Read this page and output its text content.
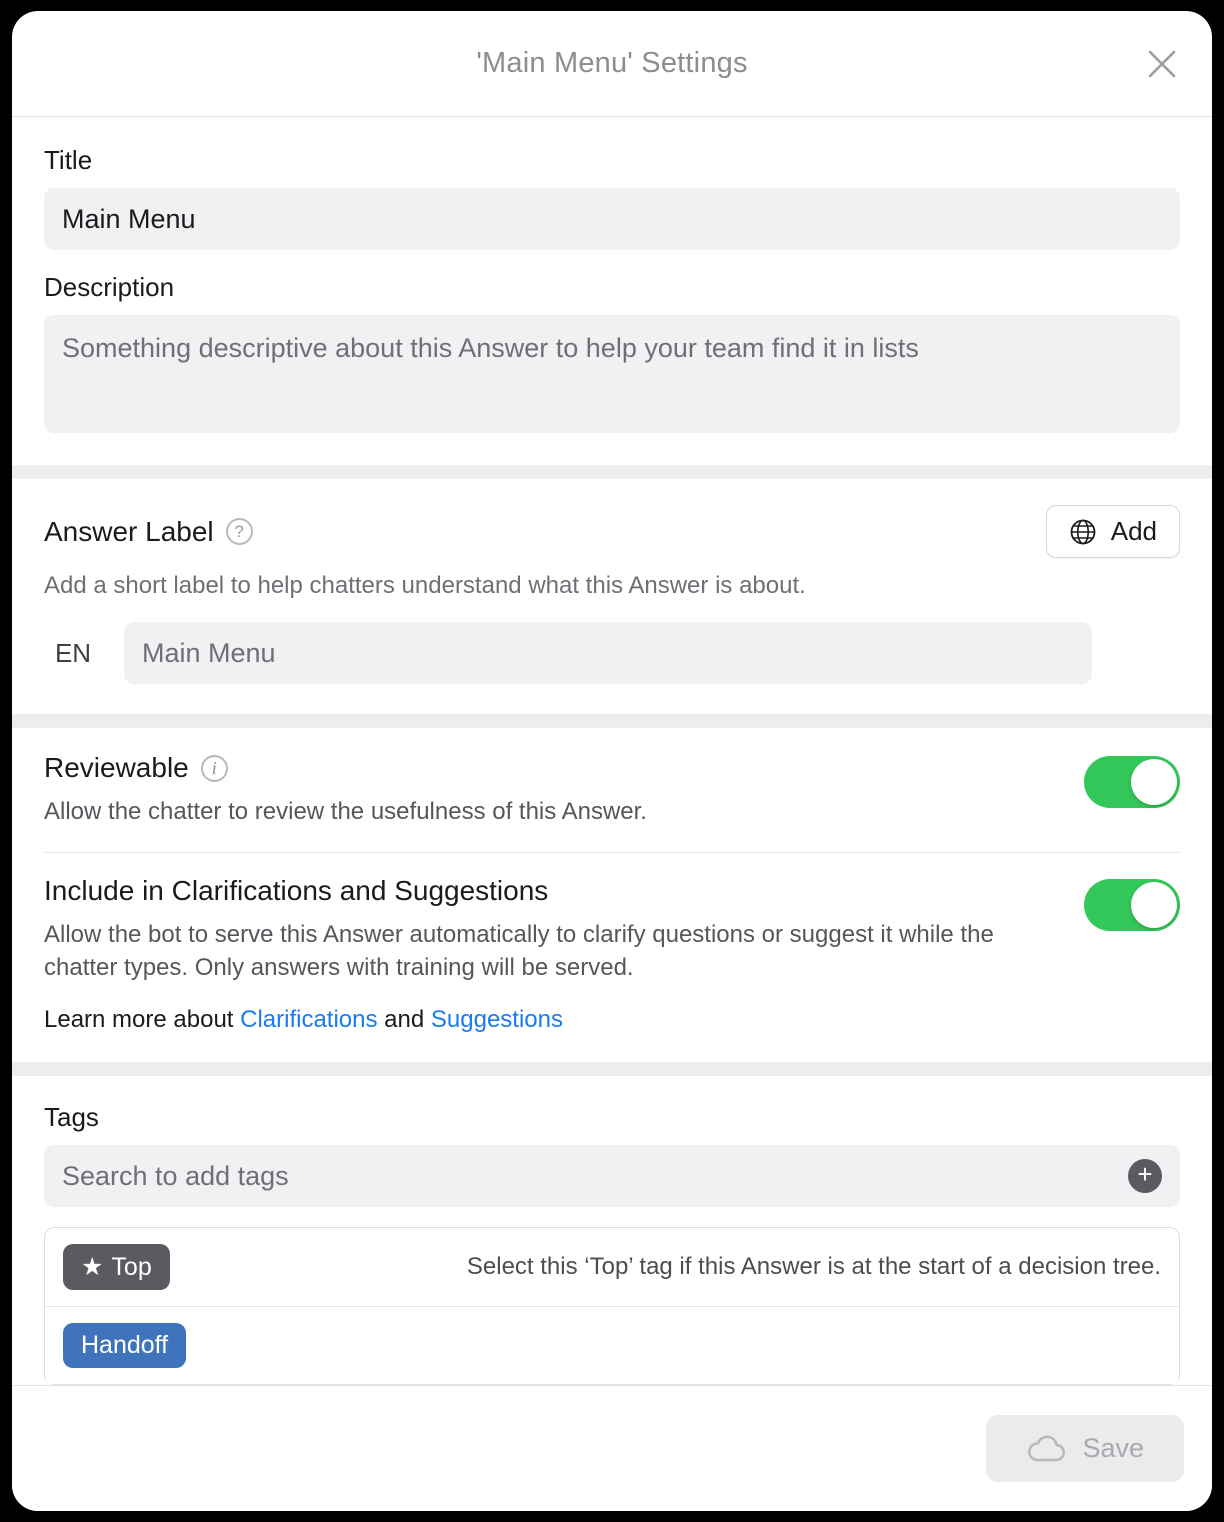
'Main Menu' Settings
Title
Main Menu
Description
Something descriptive about this Answer to help your team find it in lists
Answer Label	?	Add
Add a short label to help chatters understand what this Answer is about.
EN	Main Menu
Reviewable	i
Allow the chatter to review the usefulness of this Answer.
Include in Clarifications and Suggestions
Allow the bot to serve this Answer automatically to clarify questions or suggest it while the chatter types. Only answers with training will be served.
Learn more about Clarifications and Suggestions
Tags
Search to add tags	+
★ Top	Select this ‘Top’ tag if this Answer is at the start of a decision tree.
Handoff
Save
